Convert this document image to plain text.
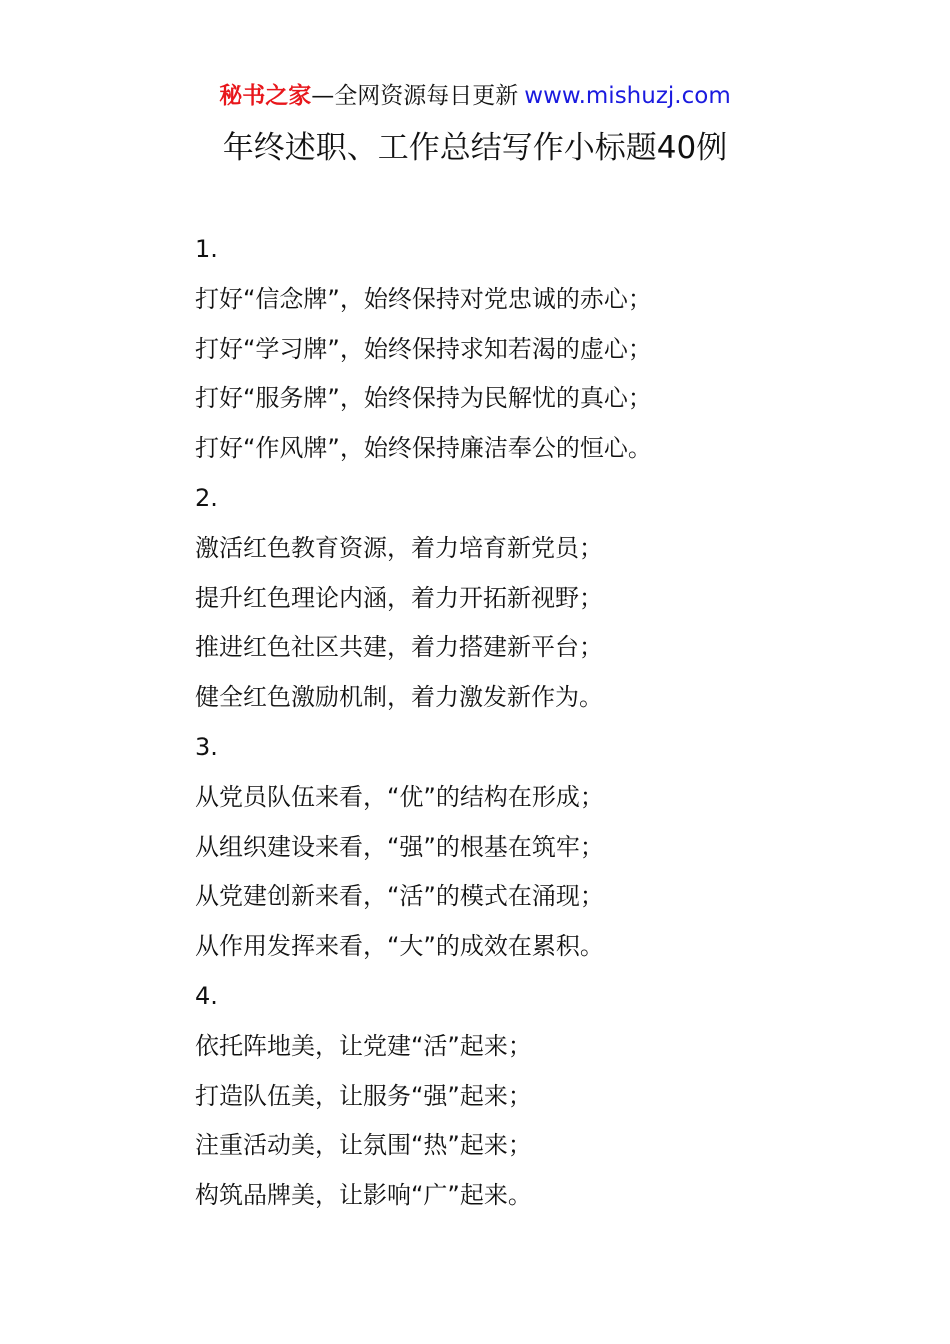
秘书之家—全网资源每日更新 www.mishuzj.com
年终述职、工作总结写作小标题40例
1.
打好“信念牌”，始终保持对党忠诚的赤心；
打好“学习牌”，始终保持求知若渴的虚心；
打好“服务牌”，始终保持为民解忧的真心；
打好“作风牌”，始终保持廉洁奉公的恒心。
2.
激活红色教育资源，着力培育新党员；
提升红色理论内涵，着力开拓新视野；
推进红色社区共建，着力搭建新平台；
健全红色激励机制，着力激发新作为。
3.
从党员队伍来看，“优”的结构在形成；
从组织建设来看，“强”的根基在筑牢；
从党建创新来看，“活”的模式在涌现；
从作用发挥来看，“大”的成效在累积。
4.
依托阵地美，让党建“活”起来；
打造队伍美，让服务“强”起来；
注重活动美，让氛围“热”起来；
构筑品牌美，让影响“广”起来。
